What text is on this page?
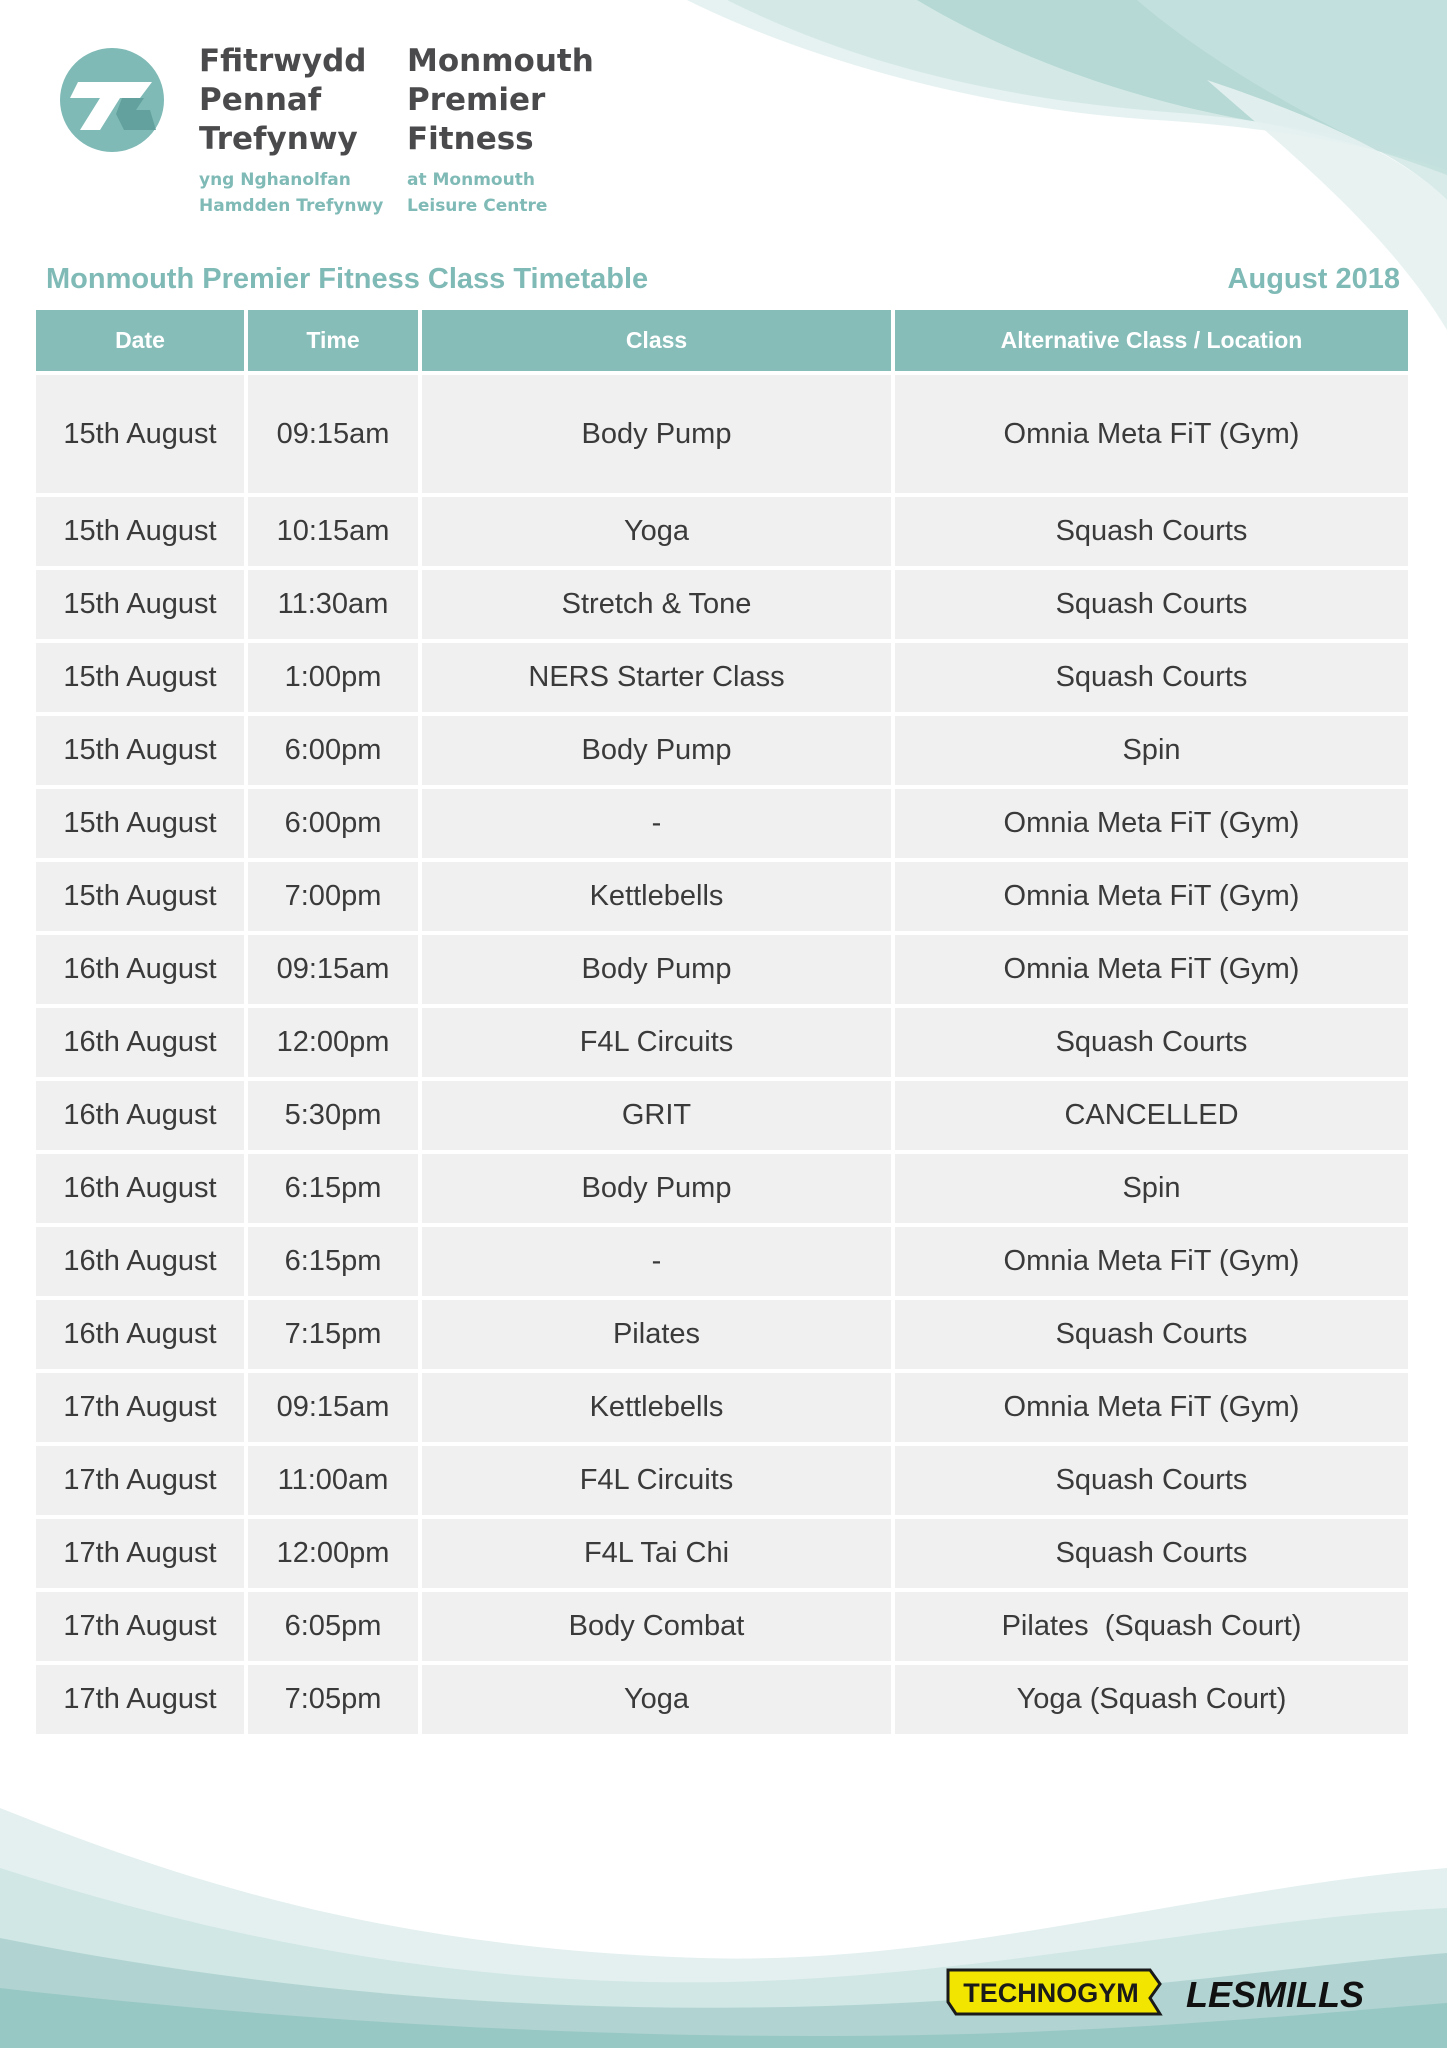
Ffitrwydd
Pennaf
Trefynwy
yng Nghanolfan
Hamdden Trefynwy
Monmouth
Premier
Fitness
at Monmouth
Leisure Centre
Monmouth Premier Fitness Class Timetable	August 2018
Date	Time	Class	Alternative Class / Location
15th August	09:15am	Body Pump	Omnia Meta FiT (Gym)
15th August	10:15am	Yoga	Squash Courts
15th August	11:30am	Stretch & Tone	Squash Courts
15th August	1:00pm	NERS Starter Class	Squash Courts
15th August	6:00pm	Body Pump	Spin
15th August	6:00pm	-	Omnia Meta FiT (Gym)
15th August	7:00pm	Kettlebells	Omnia Meta FiT (Gym)
16th August	09:15am	Body Pump	Omnia Meta FiT (Gym)
16th August	12:00pm	F4L Circuits	Squash Courts
16th August	5:30pm	GRIT	CANCELLED
16th August	6:15pm	Body Pump	Spin
16th August	6:15pm	-	Omnia Meta FiT (Gym)
16th August	7:15pm	Pilates	Squash Courts
17th August	09:15am	Kettlebells	Omnia Meta FiT (Gym)
17th August	11:00am	F4L Circuits	Squash Courts
17th August	12:00pm	F4L Tai Chi	Squash Courts
17th August	6:05pm	Body Combat	Pilates  (Squash Court)
17th August	7:05pm	Yoga	Yoga (Squash Court)
TECHNOGYM LESMILLS
